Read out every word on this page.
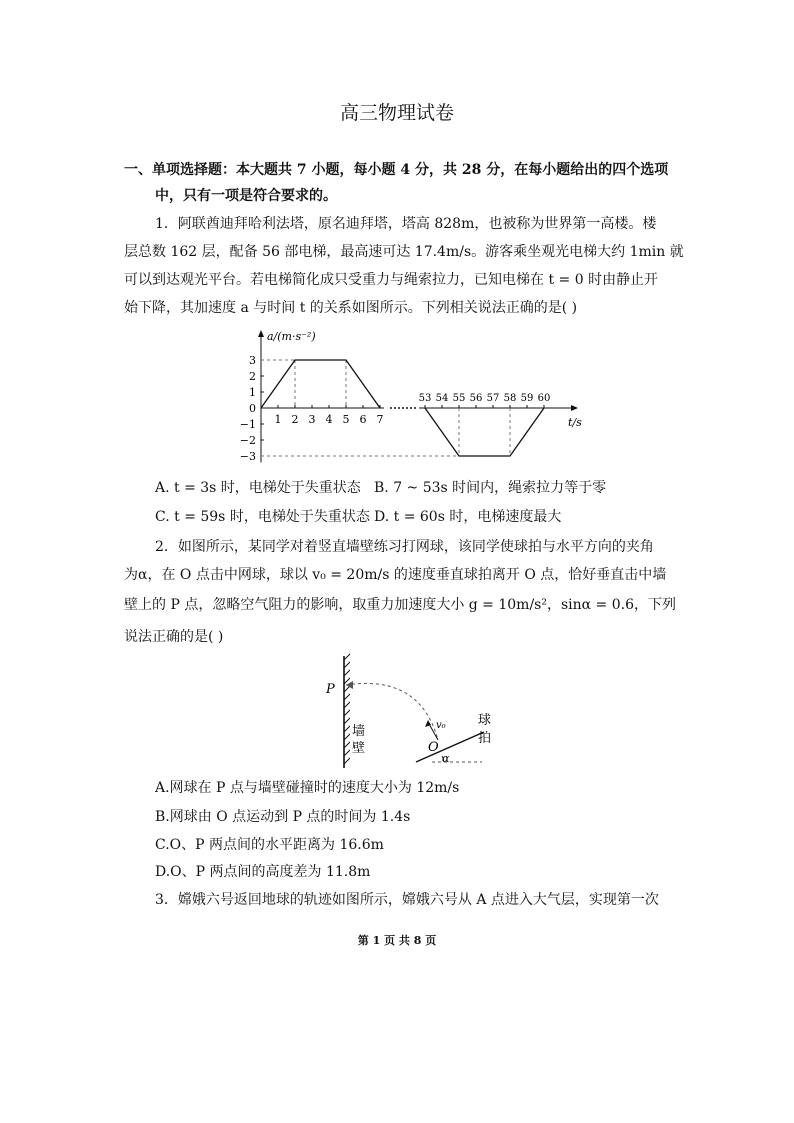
高三物理试卷
一、单项选择题：本大题共 7 小题，每小题 4 分，共 28 分，在每小题给出的四个选项
中，只有一项是符合要求的。
1．阿联酋迪拜哈利法塔，原名迪拜塔，塔高 828m，也被称为世界第一高楼。楼
层总数 162 层，配备 56 部电梯，最高速可达 17.4m/s。游客乘坐观光电梯大约 1min 就
可以到达观光平台。若电梯简化成只受重力与绳索拉力，已知电梯在 t = 0 时由静止开
始下降，其加速度 a 与时间 t 的关系如图所示。下列相关说法正确的是( )
3
2
1
0
−1
−2
−3
1 2 3 4 5 6 7
53 54 55 56 57 58 59 60
a/(m·s⁻²)
t/s
A. t = 3s 时，电梯处于失重状态 B. 7 ~ 53s 时间内，绳索拉力等于零
C. t = 59s 时，电梯处于失重状态 D. t = 60s 时，电梯速度最大
2．如图所示，某同学对着竖直墙壁练习打网球，该同学使球拍与水平方向的夹角
为α，在 O 点击中网球，球以 v₀ = 20m/s 的速度垂直球拍离开 O 点，恰好垂直击中墙
壁上的 P 点，忽略空气阻力的影响，取重力加速度大小 g = 10m/s²，sinα = 0.6，下列
说法正确的是( )
P
墙
壁
v₀
O
球
拍
α
A.网球在 P 点与墙壁碰撞时的速度大小为 12m/s
B.网球由 O 点运动到 P 点的时间为 1.4s
C.O、P 两点间的水平距离为 16.6m
D.O、P 两点间的高度差为 11.8m
3．嫦娥六号返回地球的轨迹如图所示，嫦娥六号从 A 点进入大气层，实现第一次
第 1 页 共 8 页
